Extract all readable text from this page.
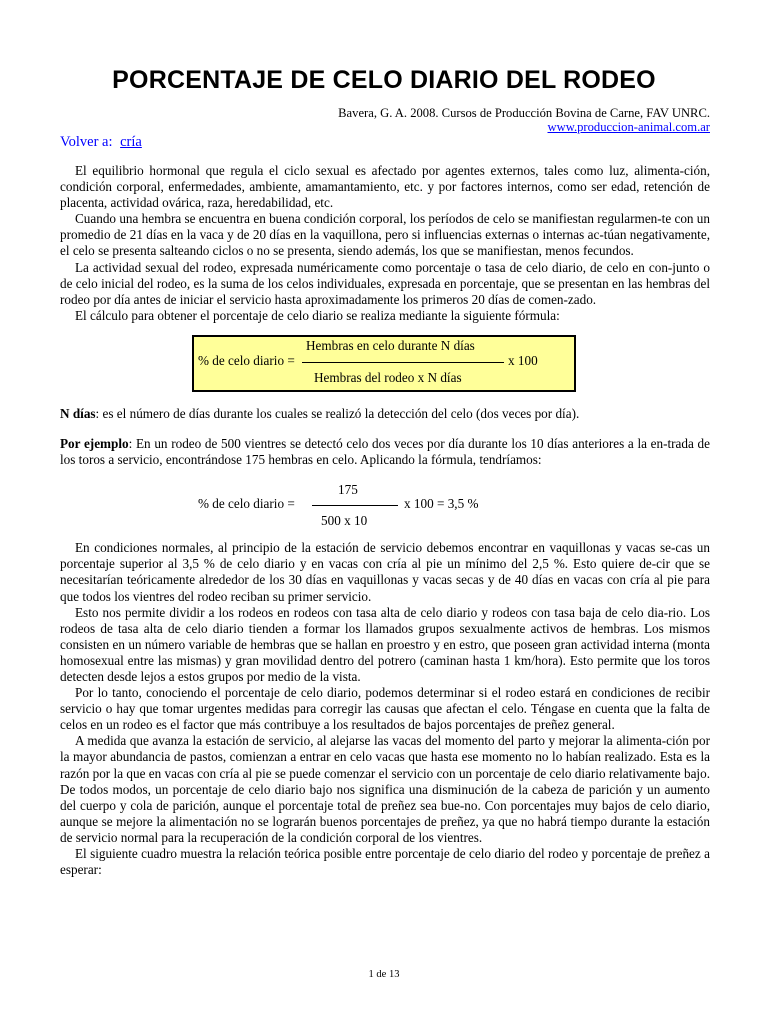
PORCENTAJE DE CELO DIARIO DEL RODEO
Bavera, G. A. 2008. Cursos de Producción Bovina de Carne, FAV UNRC.
www.produccion-animal.com.ar
Volver a: cría

El equilibrio hormonal que regula el ciclo sexual es afectado por agentes externos, tales como luz, alimenta-ción, condición corporal, enfermedades, ambiente, amamantamiento, etc. y por factores internos, como ser edad, retención de placenta, actividad ovárica, raza, heredabilidad, etc.

Cuando una hembra se encuentra en buena condición corporal, los períodos de celo se manifiestan regularmen-te con un promedio de 21 días en la vaca y de 20 días en la vaquillona, pero si influencias externas o internas ac-túan negativamente, el celo se presenta salteando ciclos o no se presenta, siendo además, los que se manifiestan, menos fecundos.

La actividad sexual del rodeo, expresada numéricamente como porcentaje o tasa de celo diario, de celo en con-junto o de celo inicial del rodeo, es la suma de los celos individuales, expresada en porcentaje, que se presentan en las hembras del rodeo por día antes de iniciar el servicio hasta aproximadamente los primeros 20 días de comen-zado.

El cálculo para obtener el porcentaje de celo diario se realiza mediante la siguiente fórmula:

Hembras en celo durante N días
% de celo diario =	x 100
Hembras del rodeo x N días

N días: es el número de días durante los cuales se realizó la detección del celo (dos veces por día).

Por ejemplo: En un rodeo de 500 vientres se detectó celo dos veces por día durante los 10 días anteriores a la en-trada de los toros a servicio, encontrándose 175 hembras en celo. Aplicando la fórmula, tendríamos:

175
% de celo diario =	x 100 = 3,5 %
500 x 10

En condiciones normales, al principio de la estación de servicio debemos encontrar en vaquillonas y vacas se-cas un porcentaje superior al 3,5 % de celo diario y en vacas con cría al pie un mínimo del 2,5 %. Esto quiere de-cir que se necesitarían teóricamente alrededor de los 30 días en vaquillonas y vacas secas y de 40 días en vacas con cría al pie para que todos los vientres del rodeo reciban su primer servicio.

Esto nos permite dividir a los rodeos en rodeos con tasa alta de celo diario y rodeos con tasa baja de celo dia-rio. Los rodeos de tasa alta de celo diario tienden a formar los llamados grupos sexualmente activos de hembras. Los mismos consisten en un número variable de hembras que se hallan en proestro y en estro, que poseen gran actividad interna (monta homosexual entre las mismas) y gran movilidad dentro del potrero (caminan hasta 1 km/hora). Esto permite que los toros detecten desde lejos a estos grupos por medio de la vista.

Por lo tanto, conociendo el porcentaje de celo diario, podemos determinar si el rodeo estará en condiciones de recibir servicio o hay que tomar urgentes medidas para corregir las causas que afectan el celo. Téngase en cuenta que la falta de celos en un rodeo es el factor que más contribuye a los resultados de bajos porcentajes de preñez general.

A medida que avanza la estación de servicio, al alejarse las vacas del momento del parto y mejorar la alimenta-ción por la mayor abundancia de pastos, comienzan a entrar en celo vacas que hasta ese momento no lo habían realizado. Esta es la razón por la que en vacas con cría al pie se puede comenzar el servicio con un porcentaje de celo diario relativamente bajo. De todos modos, un porcentaje de celo diario bajo nos significa una disminución de la cabeza de parición y un aumento del cuerpo y cola de parición, aunque el porcentaje total de preñez sea bue-no. Con porcentajes muy bajos de celo diario, aunque se mejore la alimentación no se lograrán buenos porcentajes de preñez, ya que no habrá tiempo durante la estación de servicio normal para la recuperación de la condición corporal de los vientres.

El siguiente cuadro muestra la relación teórica posible entre porcentaje de celo diario del rodeo y porcentaje de preñez a esperar:

1 de 13
